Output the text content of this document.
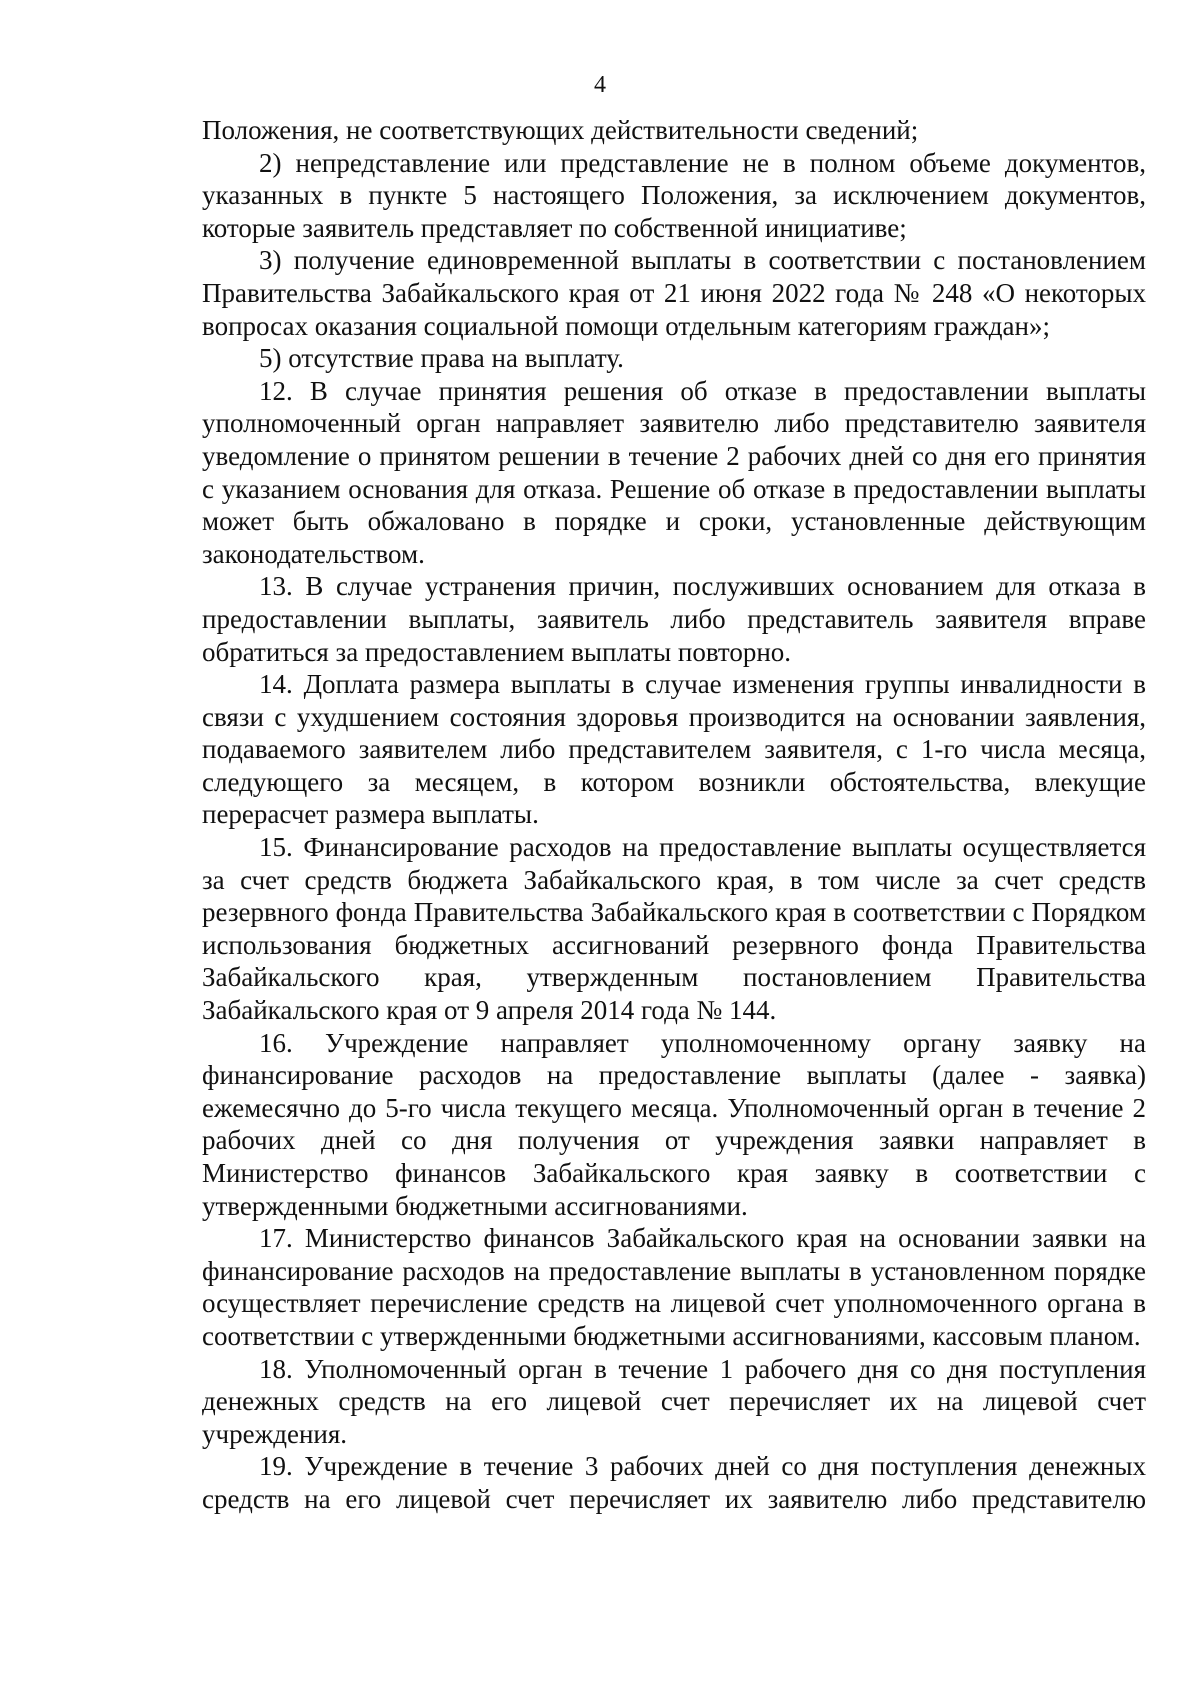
4

Положения, не соответствующих действительности сведений;

2) непредставление или представление не в полном объеме документов, указанных в пункте 5 настоящего Положения, за исключением документов, которые заявитель представляет по собственной инициативе;

3) получение единовременной выплаты в соответствии с постановлением Правительства Забайкальского края от 21 июня 2022 года № 248 «О некоторых вопросах оказания социальной помощи отдельным категориям граждан»;

5) отсутствие права на выплату.

12. В случае принятия решения об отказе в предоставлении выплаты уполномоченный орган направляет заявителю либо представителю заявителя уведомление о принятом решении в течение 2 рабочих дней со дня его принятия с указанием основания для отказа. Решение об отказе в предоставлении выплаты может быть обжаловано в порядке и сроки, установленные действующим законодательством.

13. В случае устранения причин, послуживших основанием для отказа в предоставлении выплаты, заявитель либо представитель заявителя вправе обратиться за предоставлением выплаты повторно.

14. Доплата размера выплаты в случае изменения группы инвалидности в связи с ухудшением состояния здоровья производится на основании заявления, подаваемого заявителем либо представителем заявителя, с 1-го числа месяца, следующего за месяцем, в котором возникли обстоятельства, влекущие перерасчет размера выплаты.

15. Финансирование расходов на предоставление выплаты осуществляется за счет средств бюджета Забайкальского края, в том числе за счет средств резервного фонда Правительства Забайкальского края в соответствии с Порядком использования бюджетных ассигнований резервного фонда Правительства Забайкальского края, утвержденным постановлением Правительства Забайкальского края от 9 апреля 2014 года № 144.

16. Учреждение направляет уполномоченному органу заявку на финансирование расходов на предоставление выплаты (далее - заявка) ежемесячно до 5-го числа текущего месяца. Уполномоченный орган в течение 2 рабочих дней со дня получения от учреждения заявки направляет в Министерство финансов Забайкальского края заявку в соответствии с утвержденными бюджетными ассигнованиями.

17. Министерство финансов Забайкальского края на основании заявки на финансирование расходов на предоставление выплаты в установленном порядке осуществляет перечисление средств на лицевой счет уполномоченного органа в соответствии с утвержденными бюджетными ассигнованиями, кассовым планом.

18. Уполномоченный орган в течение 1 рабочего дня со дня поступления денежных средств на его лицевой счет перечисляет их на лицевой счет учреждения.

19. Учреждение в течение 3 рабочих дней со дня поступления денежных средств на его лицевой счет перечисляет их заявителю либо представителю
